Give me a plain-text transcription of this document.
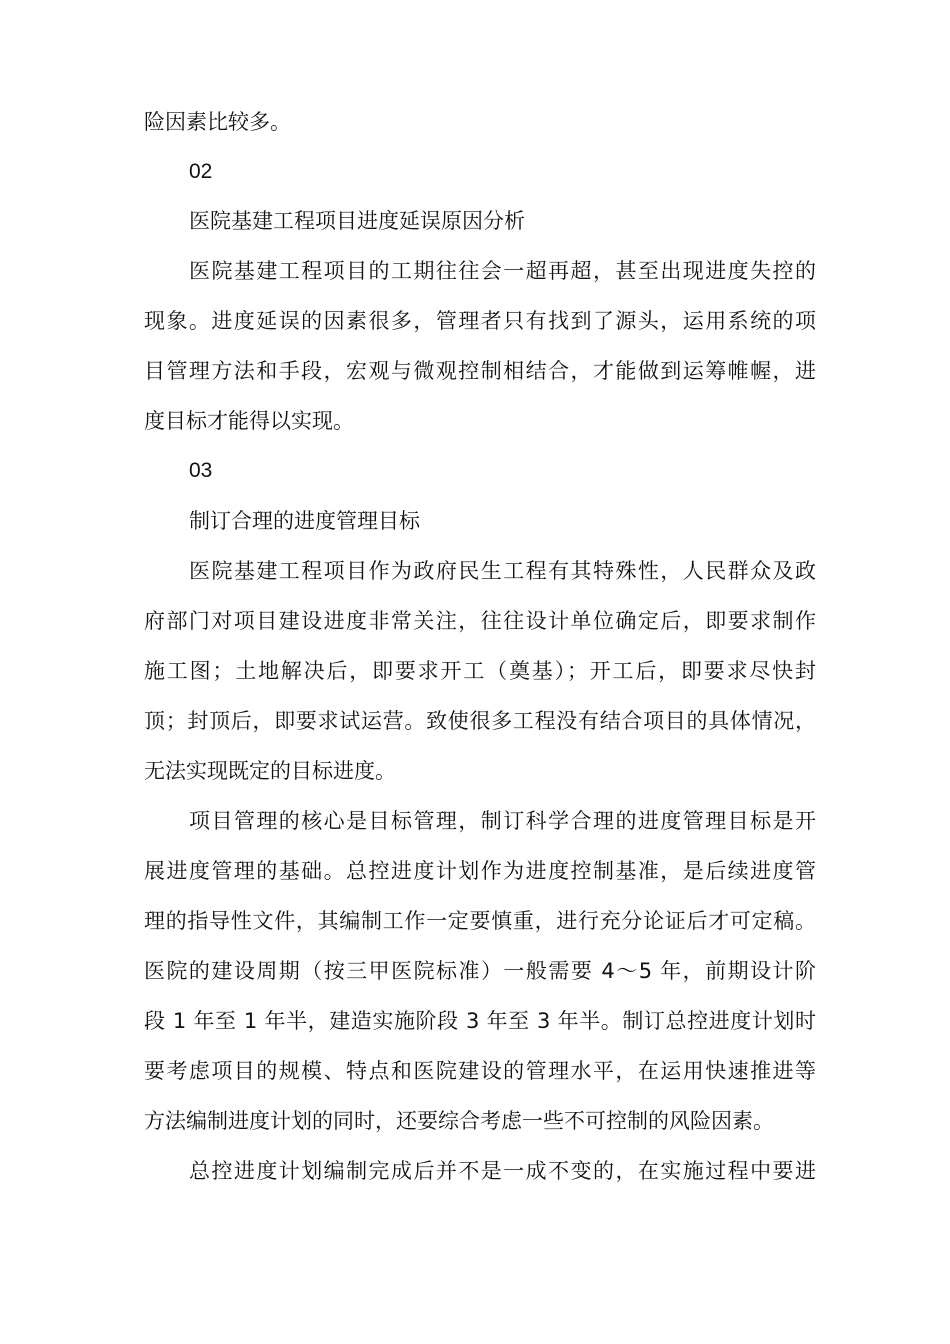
险因素比较多。
02
医院基建工程项目进度延误原因分析
医院基建工程项目的工期往往会一超再超，甚至出现进度失控的
现象。进度延误的因素很多，管理者只有找到了源头，运用系统的项
目管理方法和手段，宏观与微观控制相结合，才能做到运筹帷幄，进
度目标才能得以实现。
03
制订合理的进度管理目标
医院基建工程项目作为政府民生工程有其特殊性，人民群众及政
府部门对项目建设进度非常关注，往往设计单位确定后，即要求制作
施工图；土地解决后，即要求开工（奠基）；开工后，即要求尽快封
顶；封顶后，即要求试运营。致使很多工程没有结合项目的具体情况，
无法实现既定的目标进度。
项目管理的核心是目标管理，制订科学合理的进度管理目标是开
展进度管理的基础。总控进度计划作为进度控制基准，是后续进度管
理的指导性文件，其编制工作一定要慎重，进行充分论证后才可定稿。
医院的建设周期（按三甲医院标准）一般需要 4～5 年，前期设计阶
段 1 年至 1 年半，建造实施阶段 3 年至 3 年半。制订总控进度计划时
要考虑项目的规模、特点和医院建设的管理水平，在运用快速推进等
方法编制进度计划的同时，还要综合考虑一些不可控制的风险因素。
总控进度计划编制完成后并不是一成不变的，在实施过程中要进
